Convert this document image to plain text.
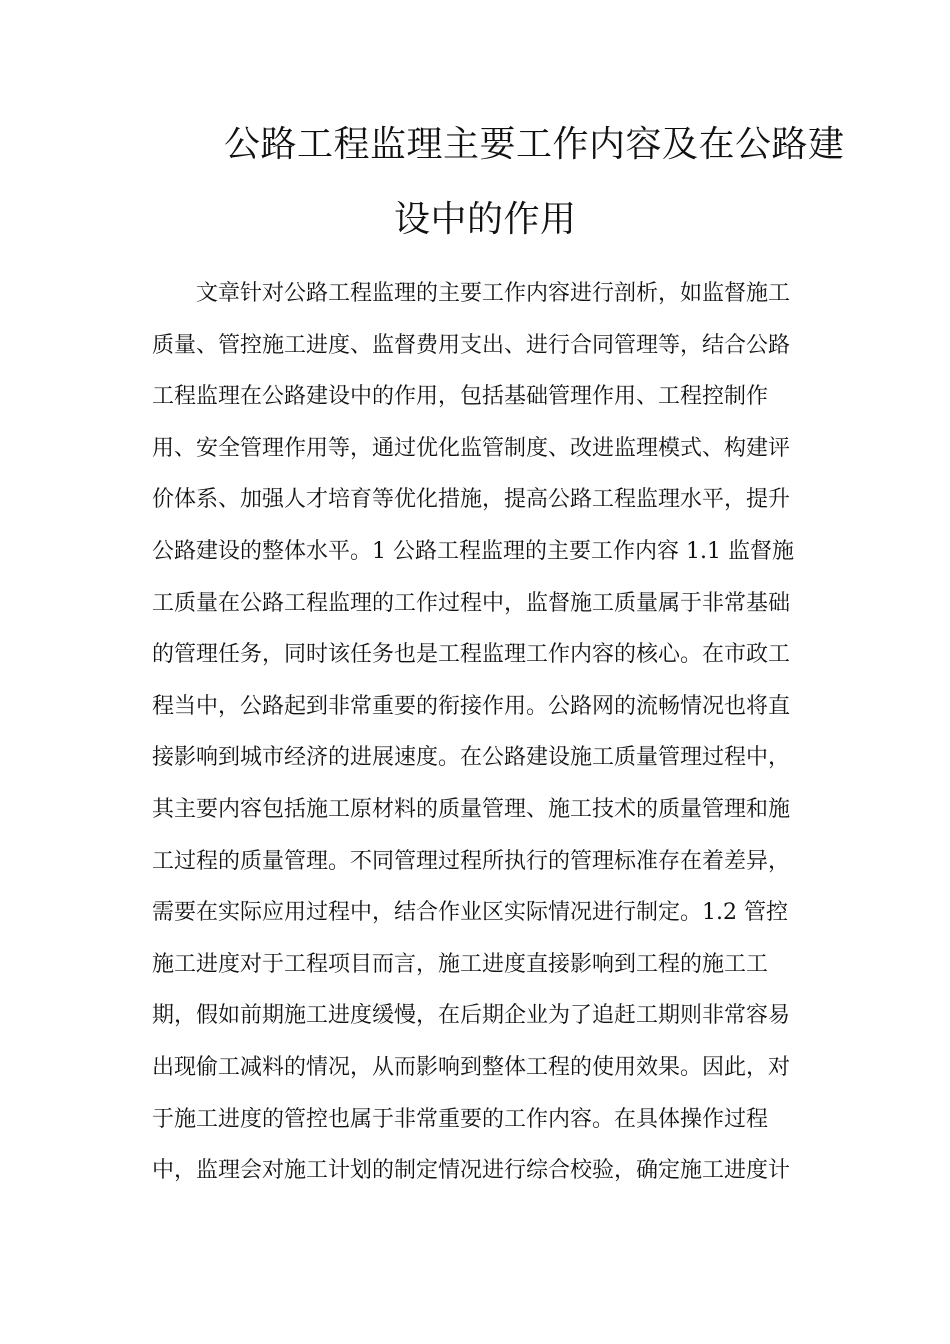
公路工程监理主要工作内容及在公路建
设中的作用
文章针对公路工程监理的主要工作内容进行剖析，如监督施工
质量、管控施工进度、监督费用支出、进行合同管理等，结合公路
工程监理在公路建设中的作用，包括基础管理作用、工程控制作
用、安全管理作用等，通过优化监管制度、改进监理模式、构建评
价体系、加强人才培育等优化措施，提高公路工程监理水平，提升
公路建设的整体水平。1 公路工程监理的主要工作内容 1.1 监督施
工质量在公路工程监理的工作过程中，监督施工质量属于非常基础
的管理任务，同时该任务也是工程监理工作内容的核心。在市政工
程当中，公路起到非常重要的衔接作用。公路网的流畅情况也将直
接影响到城市经济的进展速度。在公路建设施工质量管理过程中，
其主要内容包括施工原材料的质量管理、施工技术的质量管理和施
工过程的质量管理。不同管理过程所执行的管理标准存在着差异，
需要在实际应用过程中，结合作业区实际情况进行制定。1.2 管控
施工进度对于工程项目而言，施工进度直接影响到工程的施工工
期，假如前期施工进度缓慢，在后期企业为了追赶工期则非常容易
出现偷工减料的情况，从而影响到整体工程的使用效果。因此，对
于施工进度的管控也属于非常重要的工作内容。在具体操作过程
中，监理会对施工计划的制定情况进行综合校验，确定施工进度计
